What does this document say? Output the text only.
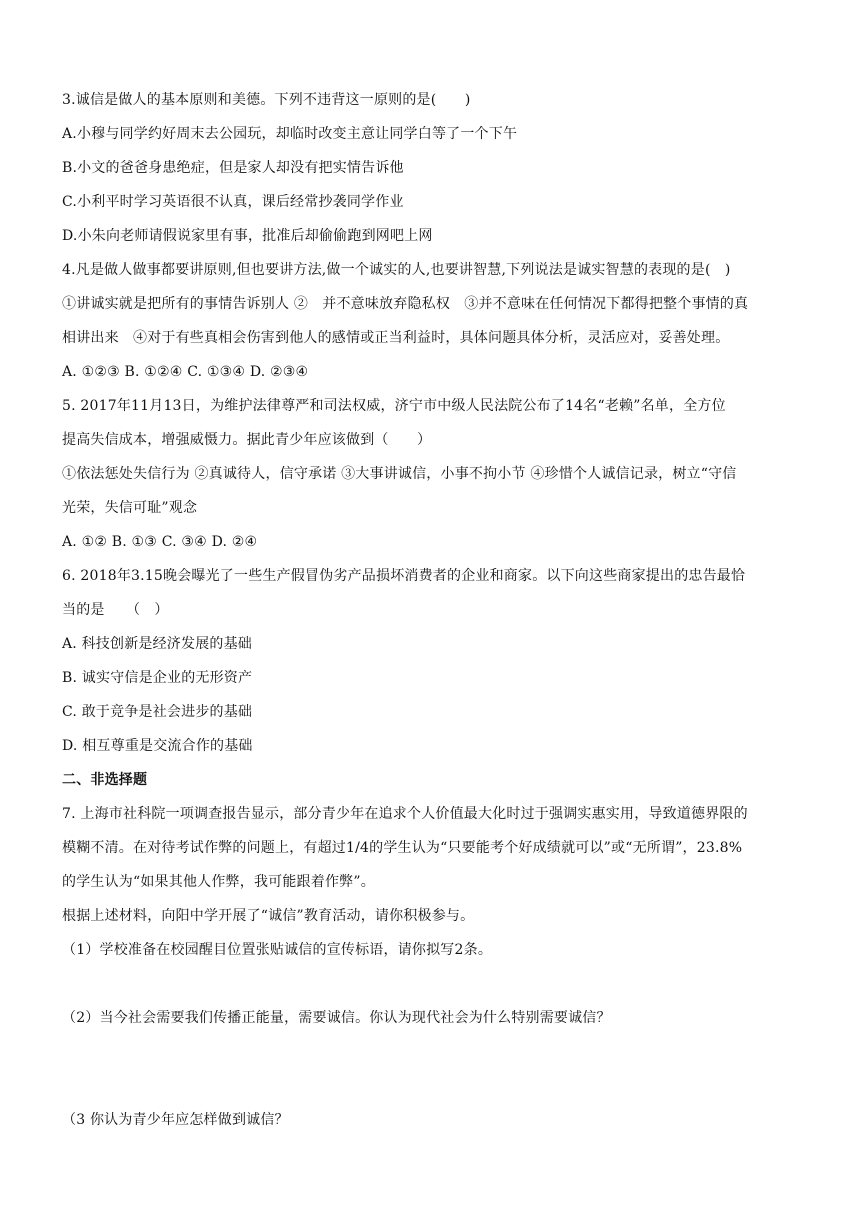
3.诚信是做人的基本原则和美德。下列不违背这一原则的是(　　)
A.小穆与同学约好周末去公园玩，却临时改变主意让同学白等了一个下午
B.小文的爸爸身患绝症，但是家人却没有把实情告诉他
C.小利平时学习英语很不认真，课后经常抄袭同学作业
D.小朱向老师请假说家里有事，批准后却偷偷跑到网吧上网
4.凡是做人做事都要讲原则,但也要讲方法,做一个诚实的人,也要讲智慧,下列说法是诚实智慧的表现的是(　)
①讲诚实就是把所有的事情告诉别人 ②　并不意味放弃隐私权　③并不意味在任何情况下都得把整个事情的真
相讲出来　④对于有些真相会伤害到他人的感情或正当利益时，具体问题具体分析，灵活应对，妥善处理。
A. ①②③ B. ①②④ C. ①③④ D. ②③④
5. 2017年11月13日，为维护法律尊严和司法权威，济宁市中级人民法院公布了14名“老赖”名单，全方位
提高失信成本，增强威慑力。据此青少年应该做到（　　）
①依法惩处失信行为 ②真诚待人，信守承诺 ③大事讲诚信，小事不拘小节 ④珍惜个人诚信记录，树立“守信
光荣，失信可耻”观念
A. ①② B. ①③ C. ③④ D. ②④
6. 2018年3.15晚会曝光了一些生产假冒伪劣产品损坏消费者的企业和商家。以下向这些商家提出的忠告最恰
当的是　　（　）
A. 科技创新是经济发展的基础
B. 诚实守信是企业的无形资产
C. 敢于竞争是社会进步的基础
D. 相互尊重是交流合作的基础
二、非选择题
7. 上海市社科院一项调查报告显示，部分青少年在追求个人价值最大化时过于强调实惠实用，导致道德界限的
模糊不清。在对待考试作弊的问题上，有超过1/4的学生认为“只要能考个好成绩就可以”或“无所谓”，23.8%
的学生认为“如果其他人作弊，我可能跟着作弊”。
根据上述材料，向阳中学开展了“诚信”教育活动，请你积极参与。
（1）学校准备在校园醒目位置张贴诚信的宣传标语，请你拟写2条。
（2）当今社会需要我们传播正能量，需要诚信。你认为现代社会为什么特别需要诚信？
（3 你认为青少年应怎样做到诚信？
